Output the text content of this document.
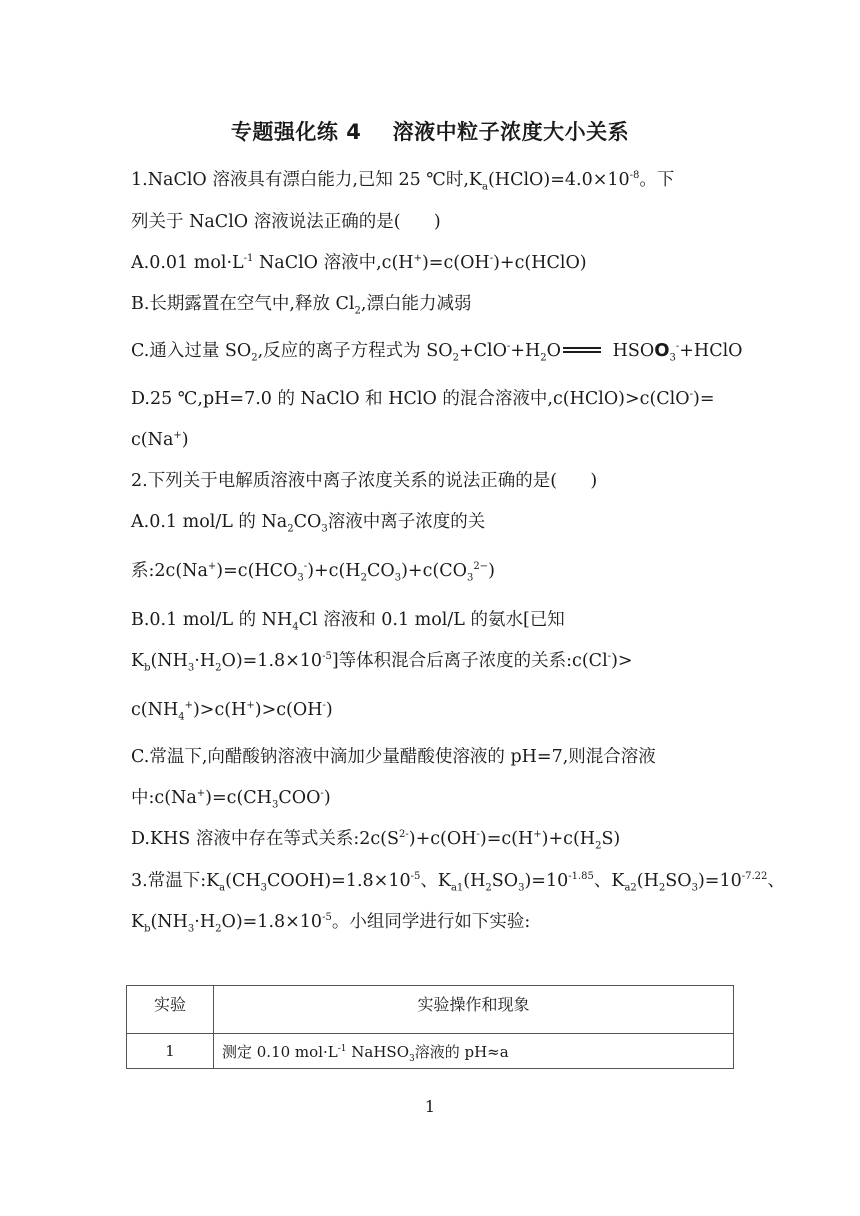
专题强化练 4    溶液中粒子浓度大小关系
1.NaClO 溶液具有漂白能力,已知 25 ℃时$,K_a(HClO)=4.0\times 10^{-8}$。下
列关于 NaClO 溶液说法正确的是(      )
A.0.01 $mol\cdot L^{-1}$ NaClO 溶液中,c(H+)=c(OH-)+c(HClO)
B.长期露置在空气中,释放 $Cl_2$,漂白能力减弱
C.通入过量 $SO_2$,反应的离子方程式为 $SO_2+ClO^-+H_2O$	$HSOO_3^-+HClO$
D.25 ℃,pH=7.0 的 NaClO 和 HClO 的混合溶液中,c(HClO)>c(ClO-)=
c(Na+)
2.下列关于电解质溶液中离子浓度关系的说法正确的是(      )
A.0.1 mol/L 的 $Na_2CO_3$溶液中离子浓度的关
系$:2c(Na^+)=c(HCO_3^-)+c(H_2CO_3)+c(CO_3^{2-})$
B.0.1 mol/L 的 $NH_4Cl$ 溶液和 0.1 mol/L 的氨水[已知
$K_b(NH_3\cdot H_2O)=1.8\times 10^{-5}$]等体积混合后离子浓度的关系:c(Cl-)>
$c(NH_4^+)>c(H^+)>c(OH^-)$
C.常温下,向醋酸钠溶液中滴加少量醋酸使溶液的 pH=7,则混合溶液
中$:c(Na^+)=c(CH_3COO^-)$
D.KHS 溶液中存在等式关系$:2c(S^{2-})+c(OH^-)=c(H^+)+c(H_2S)$
3.常温下$:K_a(CH_3COOH)=1.8\times 10^{-5}$、$K_{a1}(H_2SO_3)=10^{-1.85}$、$K_{a2}(H_2SO_3)=10^{-7.22}$、
$K_b(NH_3\cdot H_2O)=1.8\times 10^{-5}$。小组同学进行如下实验:
实验	实验操作和现象
1	测定 0.10 $mol\cdot L^{-1}$ NaHSO$_3$溶液的 pH≈a
1
